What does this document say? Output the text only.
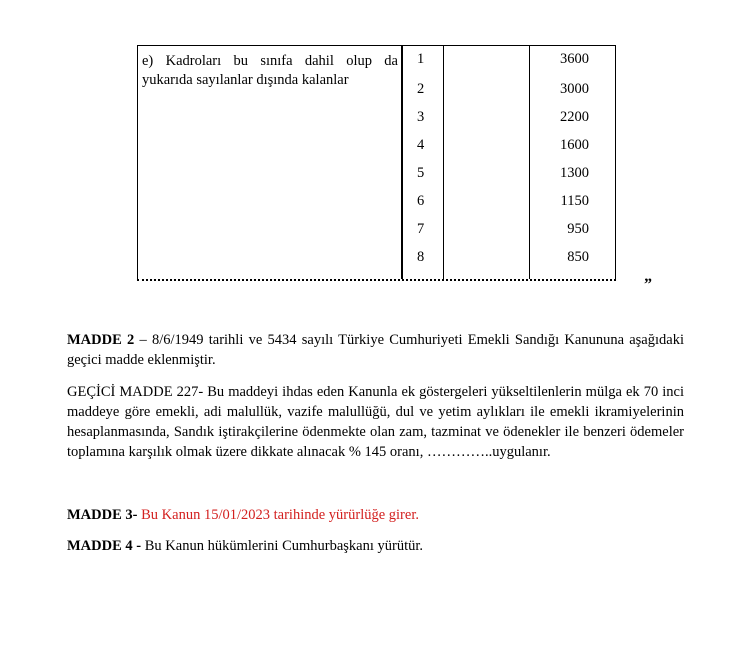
e) Kadroları bu sınıfa dahil olup da
yukarıda sayılanlar dışında kalanlar
1
2
3
4
5
6
7
8
3600
3000
2200
1600
1300
1150
950
850
”

MADDE 2 – 8/6/1949 tarihli ve 5434 sayılı Türkiye Cumhuriyeti Emekli Sandığı Kanununa aşağıdaki geçici madde eklenmiştir.

GEÇİCİ MADDE 227- Bu maddeyi ihdas eden Kanunla ek göstergeleri yükseltilenlerin mülga ek 70 inci maddeye göre emekli, adi malullük, vazife malullüğü, dul ve yetim aylıkları ile emekli ikramiyelerinin hesaplanmasında, Sandık iştirakçilerine ödenmekte olan zam, tazminat ve ödenekler ile benzeri ödemeler toplamına karşılık olmak üzere dikkate alınacak % 145 oranı, …………..uygulanır.

MADDE 3- Bu Kanun 15/01/2023 tarihinde yürürlüğe girer.

MADDE 4 - Bu Kanun hükümlerini Cumhurbaşkanı yürütür.
